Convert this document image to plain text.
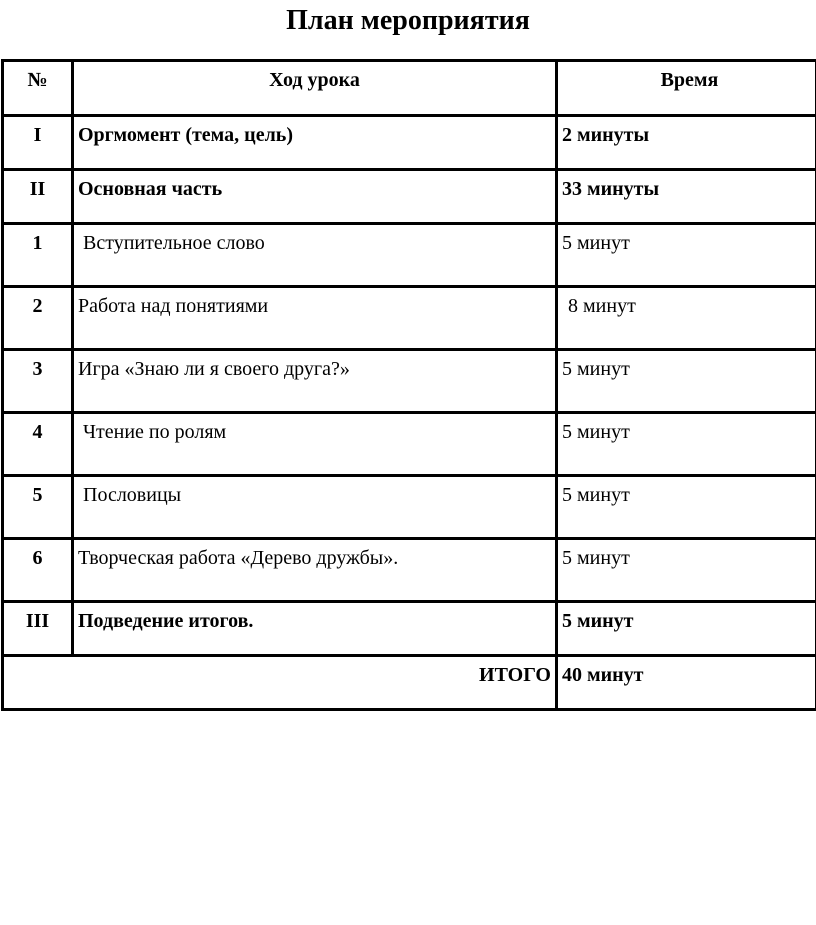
План мероприятия
№	Ход урока	Время
I	Оргмомент (тема, цель)	2 минуты
II	Основная часть	33 минуты
1	Вступительное слово	5 минут
2	Работа над понятиями	8 минут
3	Игра «Знаю ли я своего друга?»	5 минут
4	Чтение по ролям	5 минут
5	Пословицы	5 минут
6	Творческая работа «Дерево дружбы».	5 минут
III	Подведение итогов.	5 минут
ИТОГО		40 минут
